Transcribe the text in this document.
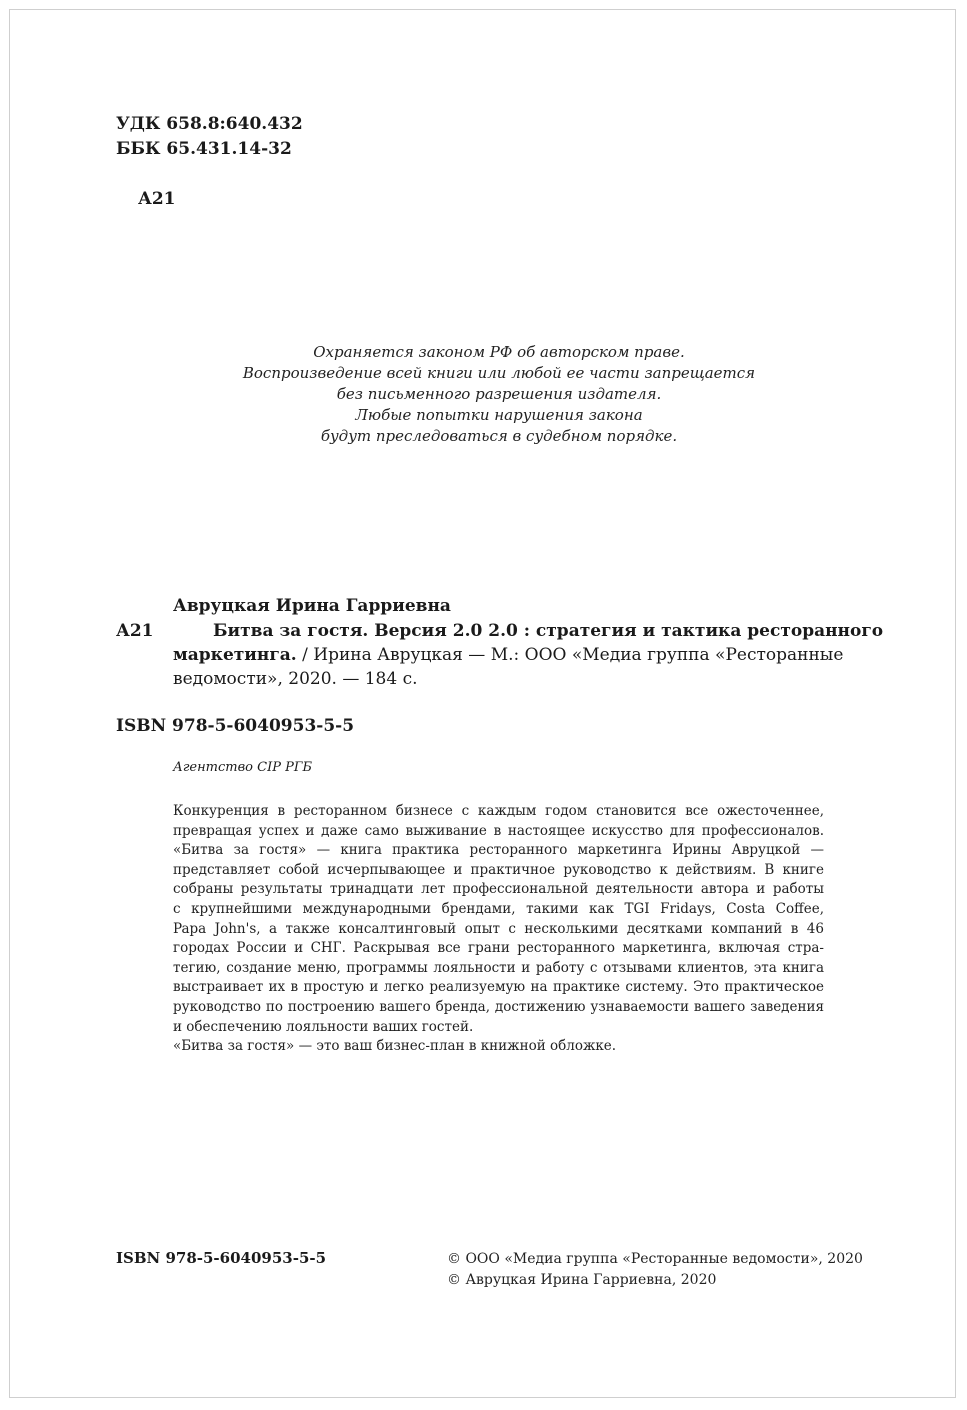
УДК 658.8:640.432
ББК 65.431.14-32
А21
Охраняется законом РФ об авторском праве.
Воспроизведение всей книги или любой ее части запрещается
без письменного разрешения издателя.
Любые попытки нарушения закона
будут преследоваться в судебном порядке.
Авруцкая Ирина Гарриевна
А21	Битва за гостя. Версия 2.0 2.0 : стратегия и тактика ресторанного
маркетинга. / Ирина Авруцкая — М.: ООО «Медиа группа «Ресторанные
ведомости», 2020. — 184 с.
ISBN 978-5-6040953-5-5
Агентство CIP РГБ
Конкуренция в ресторанном бизнесе с каждым годом становится все ожесточеннее,
превращая успех и даже само выживание в настоящее искусство для профессионалов.
«Битва за гостя» — книга практика ресторанного маркетинга Ирины Авруцкой —
представляет собой исчерпывающее и практичное руководство к действиям. В книге
собраны результаты тринадцати лет профессиональной деятельности автора и работы
с крупнейшими международными брендами, такими как TGI Fridays, Costa Coffee,
Papa John's, а также консалтинговый опыт с несколькими десятками компаний в 46
городах России и СНГ. Раскрывая все грани ресторанного маркетинга, включая стра-
тегию, создание меню, программы лояльности и работу с отзывами клиентов, эта книга
выстраивает их в простую и легко реализуемую на практике систему. Это практическое
руководство по построению вашего бренда, достижению узнаваемости вашего заведения
и обеспечению лояльности ваших гостей.
«Битва за гостя» — это ваш бизнес-план в книжной обложке.
ISBN 978-5-6040953-5-5	© ООО «Медиа группа «Ресторанные ведомости», 2020
© Авруцкая Ирина Гарриевна, 2020
